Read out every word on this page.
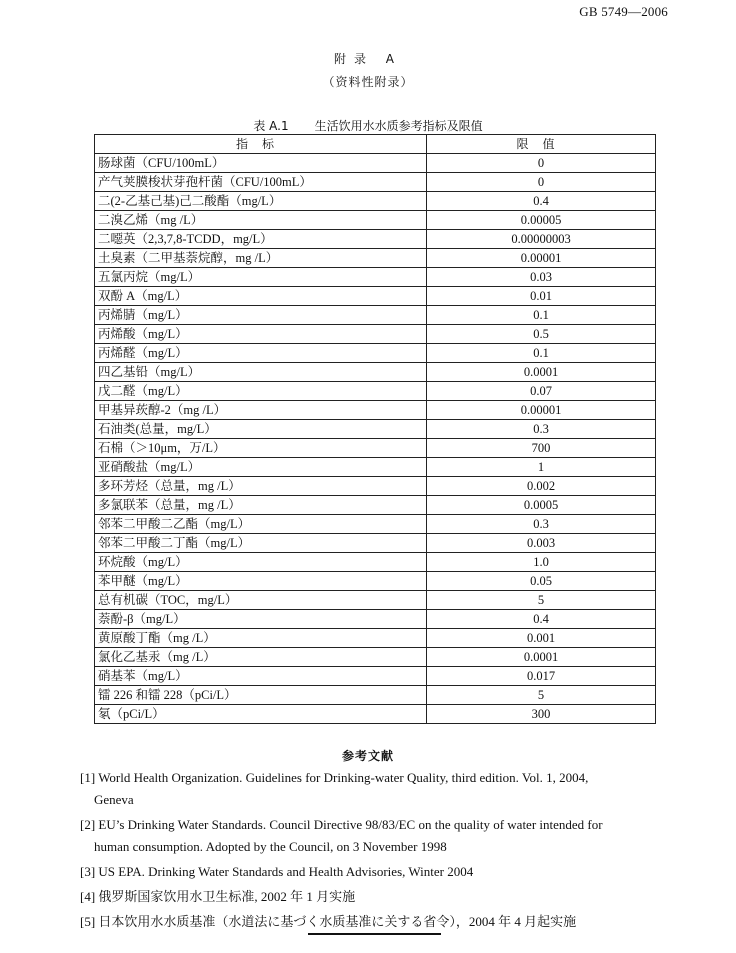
GB 5749—2006
附录 A
（资料性附录）
表 A.1 生活饮用水水质参考指标及限值
指标	限值
肠球菌（CFU/100mL）	0
产气荚膜梭状芽孢杆菌（CFU/100mL）	0
二(2-乙基己基)己二酸酯（mg/L）	0.4
二溴乙烯（mg /L）	0.00005
二噁英（2,3,7,8-TCDD，mg/L）	0.00000003
土臭素（二甲基萘烷醇，mg /L）	0.00001
五氯丙烷（mg/L）	0.03
双酚 A（mg/L）	0.01
丙烯腈（mg/L）	0.1
丙烯酸（mg/L）	0.5
丙烯醛（mg/L）	0.1
四乙基铅（mg/L）	0.0001
戊二醛（mg/L）	0.07
甲基异莰醇-2（mg /L）	0.00001
石油类(总量，mg/L）	0.3
石棉（＞10μm，万/L）	700
亚硝酸盐（mg/L）	1
多环芳烃（总量，mg /L）	0.002
多氯联苯（总量，mg /L）	0.0005
邻苯二甲酸二乙酯（mg/L）	0.3
邻苯二甲酸二丁酯（mg/L）	0.003
环烷酸（mg/L）	1.0
苯甲醚（mg/L）	0.05
总有机碳（TOC，mg/L）	5
萘酚-β（mg/L）	0.4
黄原酸丁酯（mg /L）	0.001
氯化乙基汞（mg /L）	0.0001
硝基苯（mg/L）	0.017
镭 226 和镭 228（pCi/L）	5
氡（pCi/L）	300
参考文献
[1] World Health Organization. Guidelines for Drinking-water Quality, third edition. Vol. 1, 2004,
Geneva
[2] EU’s Drinking Water Standards. Council Directive 98/83/EC on the quality of water intended for
human consumption. Adopted by the Council, on 3 November 1998
[3] US EPA. Drinking Water Standards and Health Advisories, Winter 2004
[4] 俄罗斯国家饮用水卫生标准, 2002 年 1 月实施
[5] 日本饮用水水质基准（水道法に基づく水质基准に关する省令），2004 年 4 月起实施
